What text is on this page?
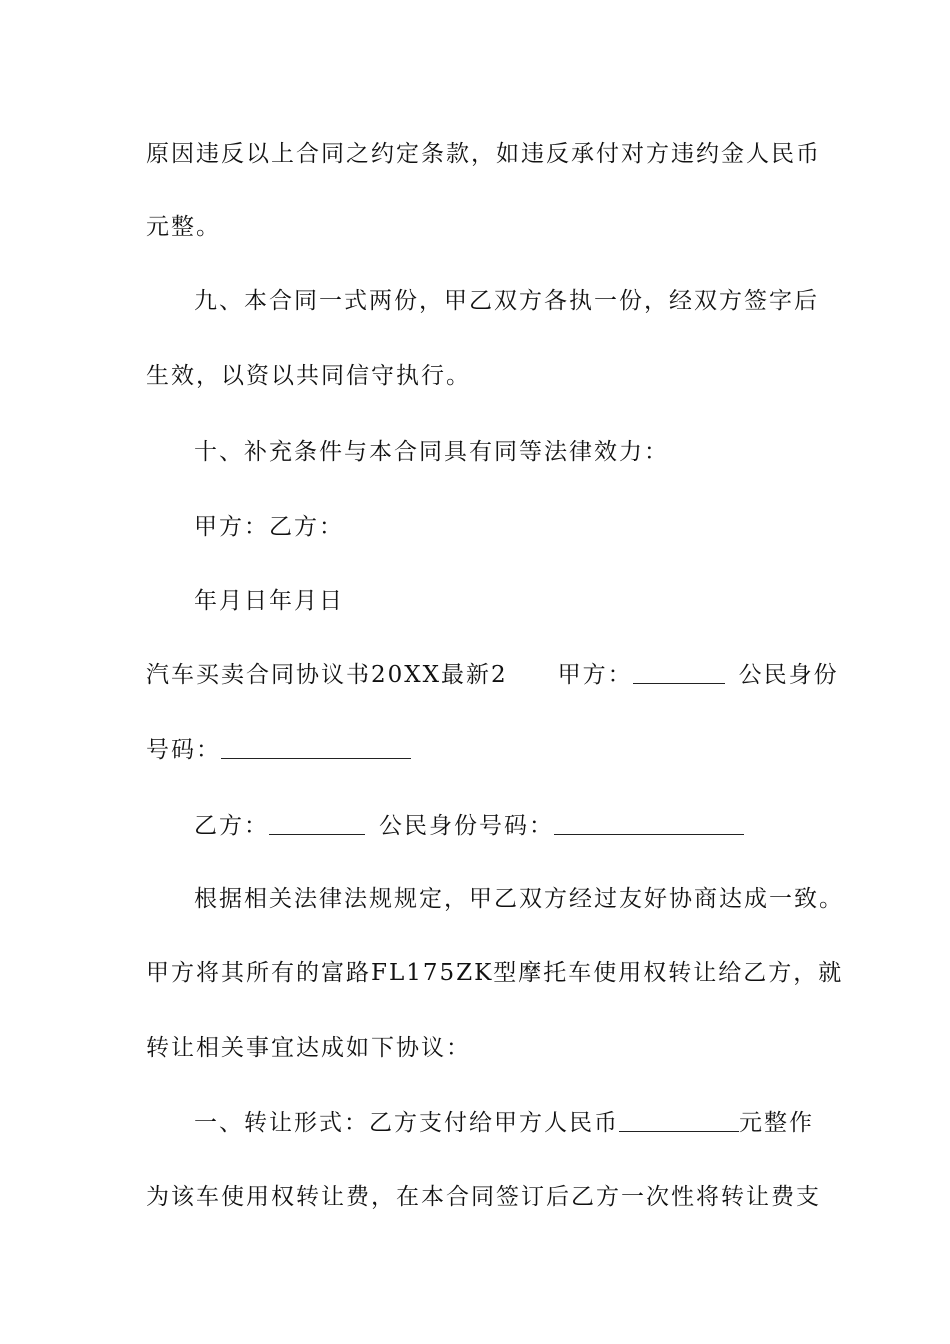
原因违反以上合同之约定条款，如违反承付对方违约金人民币
元整。
九、本合同一式两份，甲乙双方各执一份，经双方签字后
生效，以资以共同信守执行。
十、补充条件与本合同具有同等法律效力：
甲方：乙方：
年月日年月日
汽车买卖合同协议书20XX最新2 甲方：	公民身份
号码：
乙方：	公民身份号码：
根据相关法律法规规定，甲乙双方经过友好协商达成一致。
甲方将其所有的富路FL175ZK型摩托车使用权转让给乙方，就
转让相关事宜达成如下协议：
一、转让形式：乙方支付给甲方人民币	元整作
为该车使用权转让费，在本合同签订后乙方一次性将转让费支
